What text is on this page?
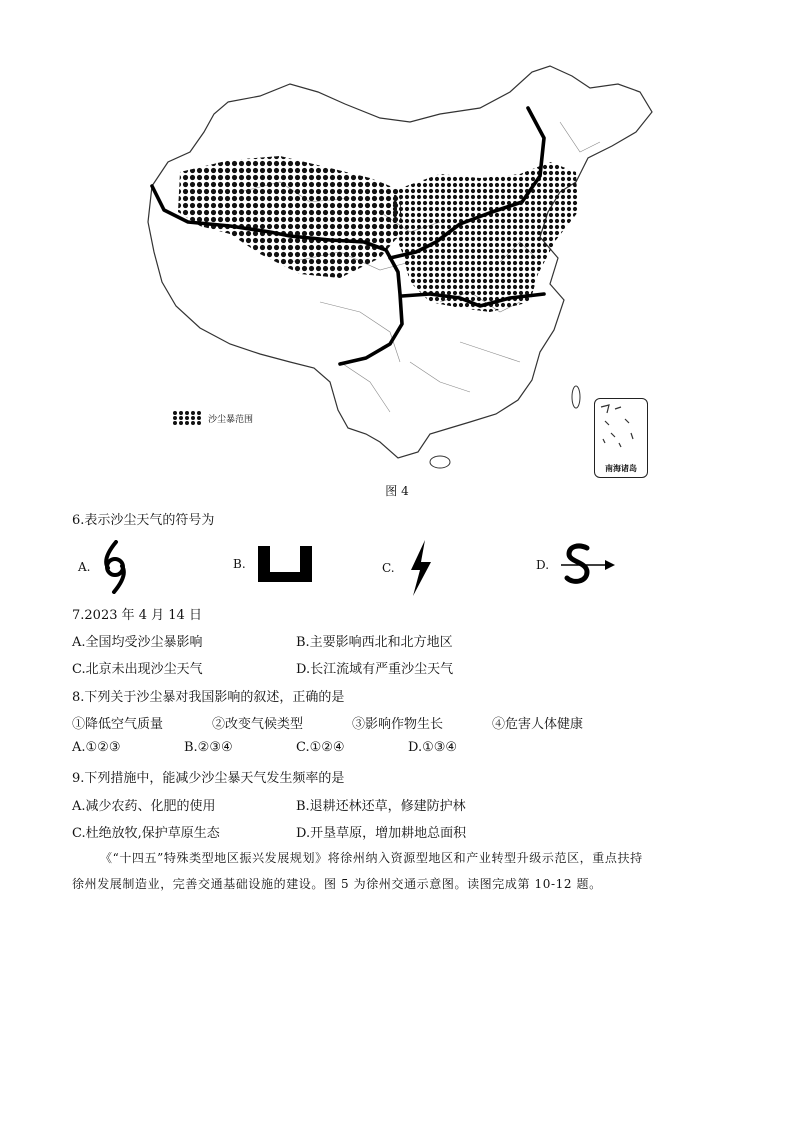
沙尘暴范围
南海诸岛
图 4
6.表示沙尘天气的符号为
A.	B.	C.	D.
7.2023 年 4 月 14 日
A.全国均受沙尘暴影响	B.主要影响西北和北方地区
C.北京未出现沙尘天气	D.长江流域有严重沙尘天气
8.下列关于沙尘暴对我国影响的叙述，正确的是
①降低空气质量	②改变气候类型	③影响作物生长	④危害人体健康
A.①②③	B.②③④	C.①②④	D.①③④
9.下列措施中，能减少沙尘暴天气发生频率的是
A.减少农药、化肥的使用	B.退耕还林还草，修建防护林
C.杜绝放牧,保护草原生态	D.开垦草原，增加耕地总面积
《“十四五”特殊类型地区振兴发展规划》将徐州纳入资源型地区和产业转型升级示范区，重点扶持
徐州发展制造业，完善交通基础设施的建设。图 5 为徐州交通示意图。读图完成第 10-12 题。
